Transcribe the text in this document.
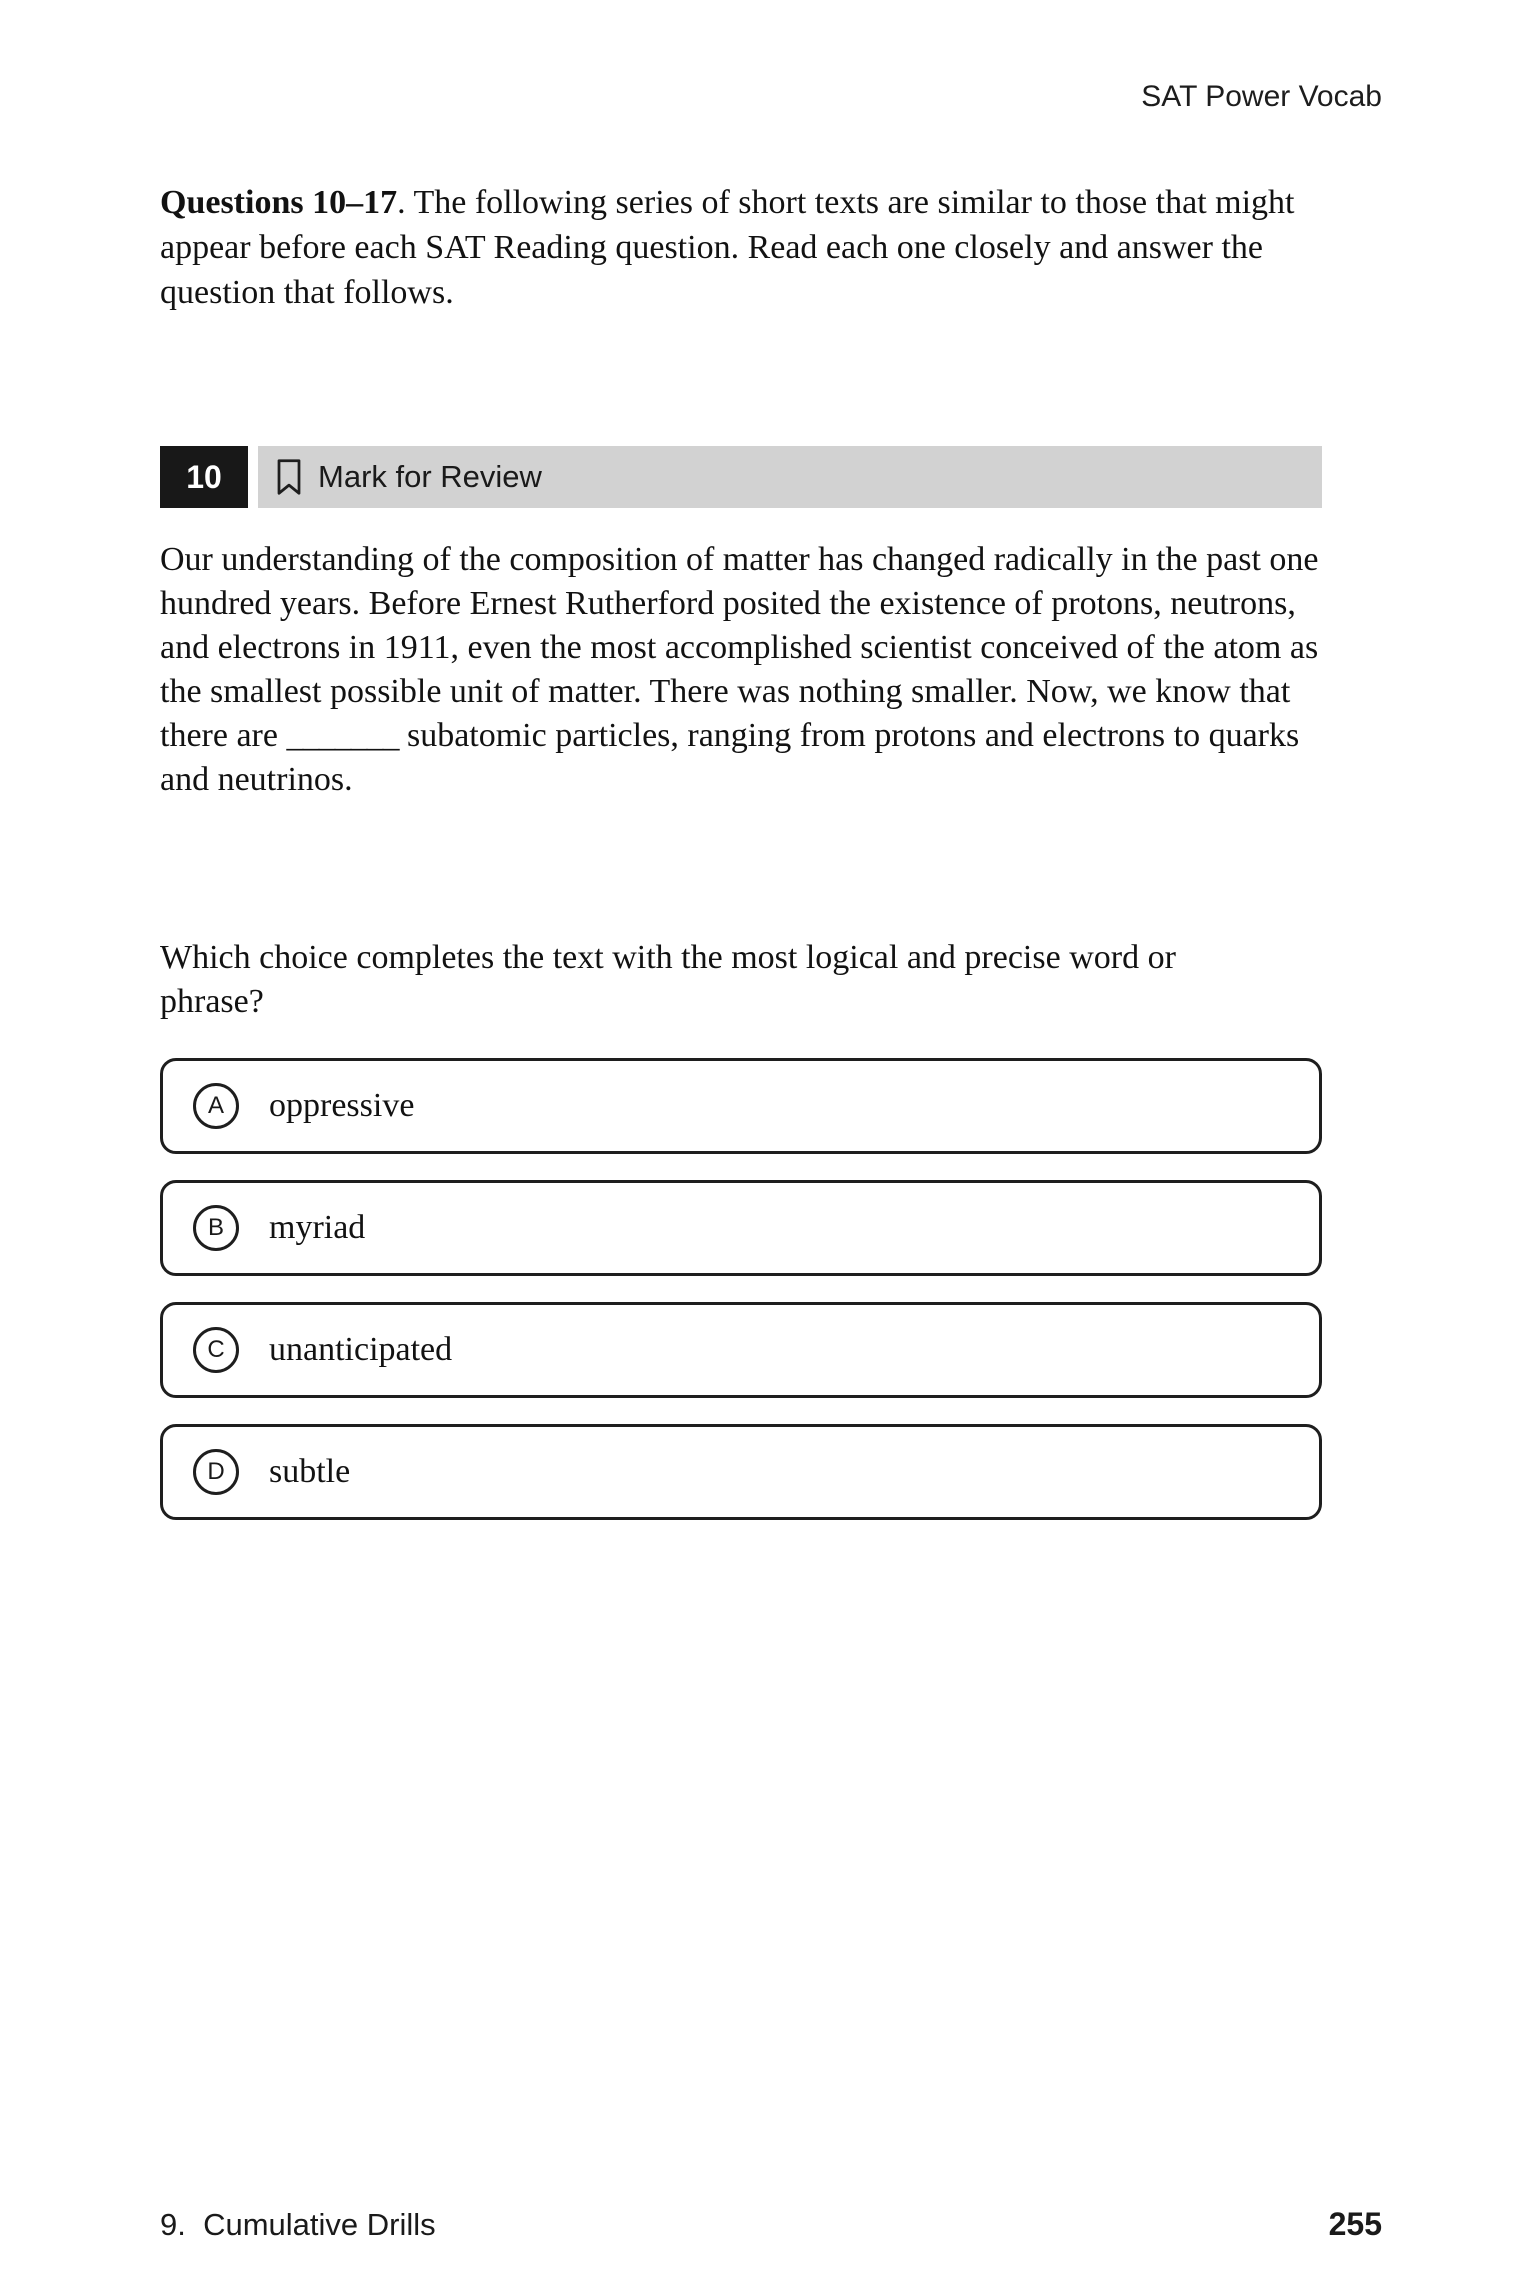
SAT Power Vocab

Questions 10–17. The following series of short texts are similar to those that might appear before each SAT Reading question. Read each one closely and answer the question that follows.

10	Mark for Review

Our understanding of the composition of matter has changed radically in the past one hundred years. Before Ernest Rutherford posited the existence of protons, neutrons, and electrons in 1911, even the most accomplished scientist conceived of the atom as the smallest possible unit of matter. There was nothing smaller. Now, we know that there are _______ subatomic particles, ranging from protons and electrons to quarks and neutrinos.

Which choice completes the text with the most logical and precise word or phrase?

A	oppressive
B	myriad
C	unanticipated
D	subtle
9.  Cumulative Drills	255
